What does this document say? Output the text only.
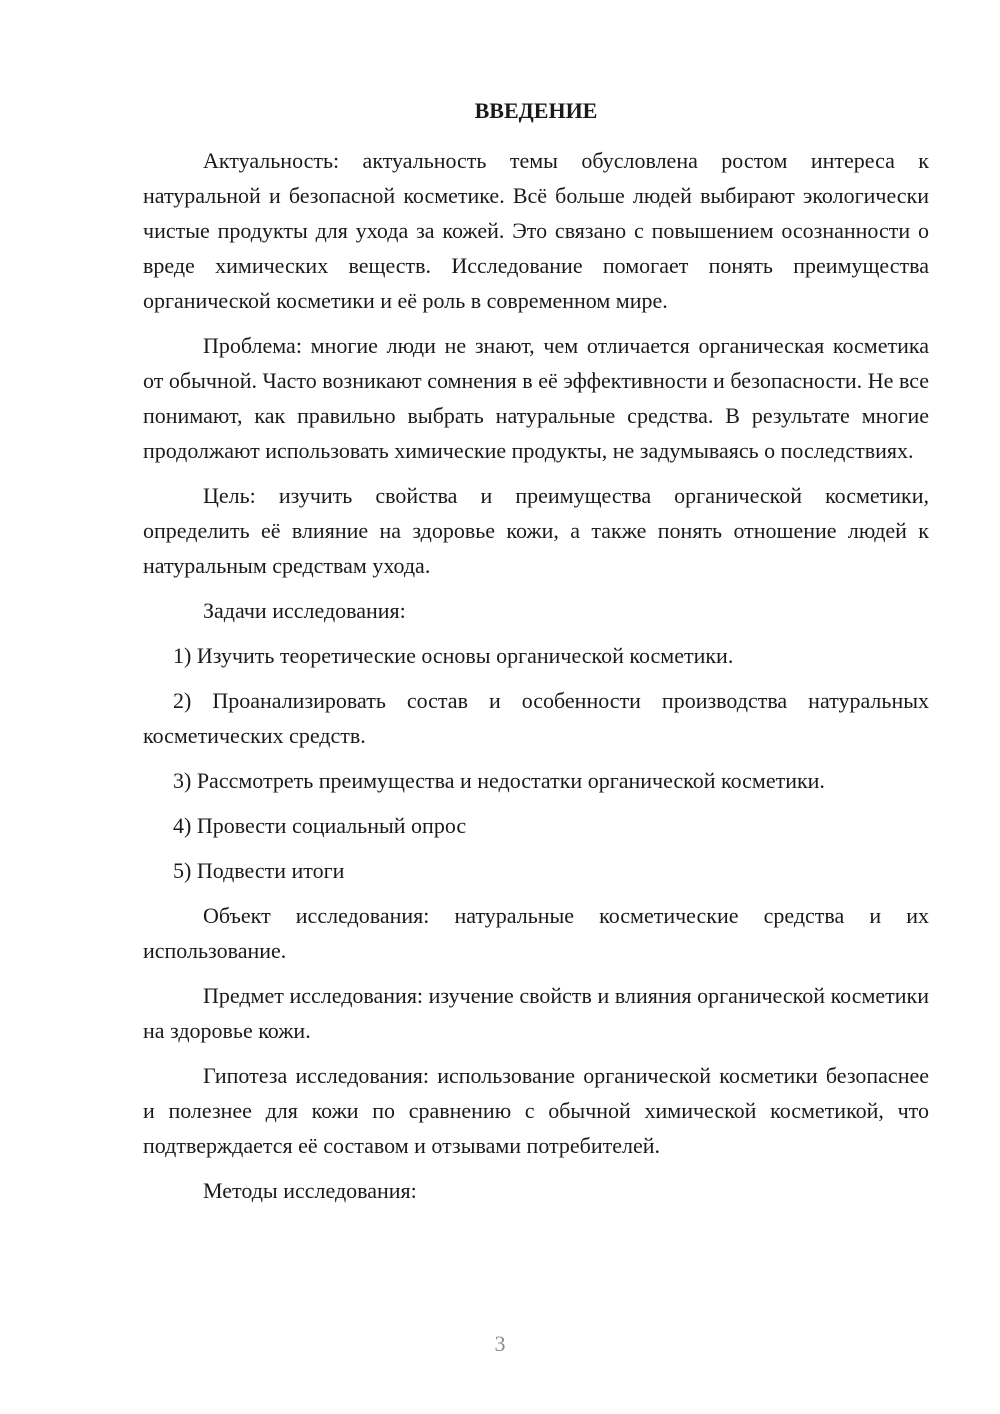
ВВЕДЕНИЕ

Актуальность: актуальность темы обусловлена ростом интереса к натуральной и безопасной косметике. Всё больше людей выбирают экологически чистые продукты для ухода за кожей. Это связано с повышением осознанности о вреде химических веществ. Исследование помогает понять преимущества органической косметики и её роль в современном мире.

Проблема: многие люди не знают, чем отличается органическая косметика от обычной. Часто возникают сомнения в её эффективности и безопасности. Не все понимают, как правильно выбрать натуральные средства. В результате многие продолжают использовать химические продукты, не задумываясь о последствиях.

Цель: изучить свойства и преимущества органической косметики, определить её влияние на здоровье кожи, а также понять отношение людей к натуральным средствам ухода.

Задачи исследования:

1) Изучить теоретические основы органической косметики.

2) Проанализировать состав и особенности производства натуральных косметических средств.

3) Рассмотреть преимущества и недостатки органической косметики.

4) Провести социальный опрос

5) Подвести итоги

Объект исследования: натуральные косметические средства и их использование.

Предмет исследования: изучение свойств и влияния органической косметики на здоровье кожи.

Гипотеза исследования: использование органической косметики безопаснее и полезнее для кожи по сравнению с обычной химической косметикой, что подтверждается её составом и отзывами потребителей.

Методы исследования:

3
